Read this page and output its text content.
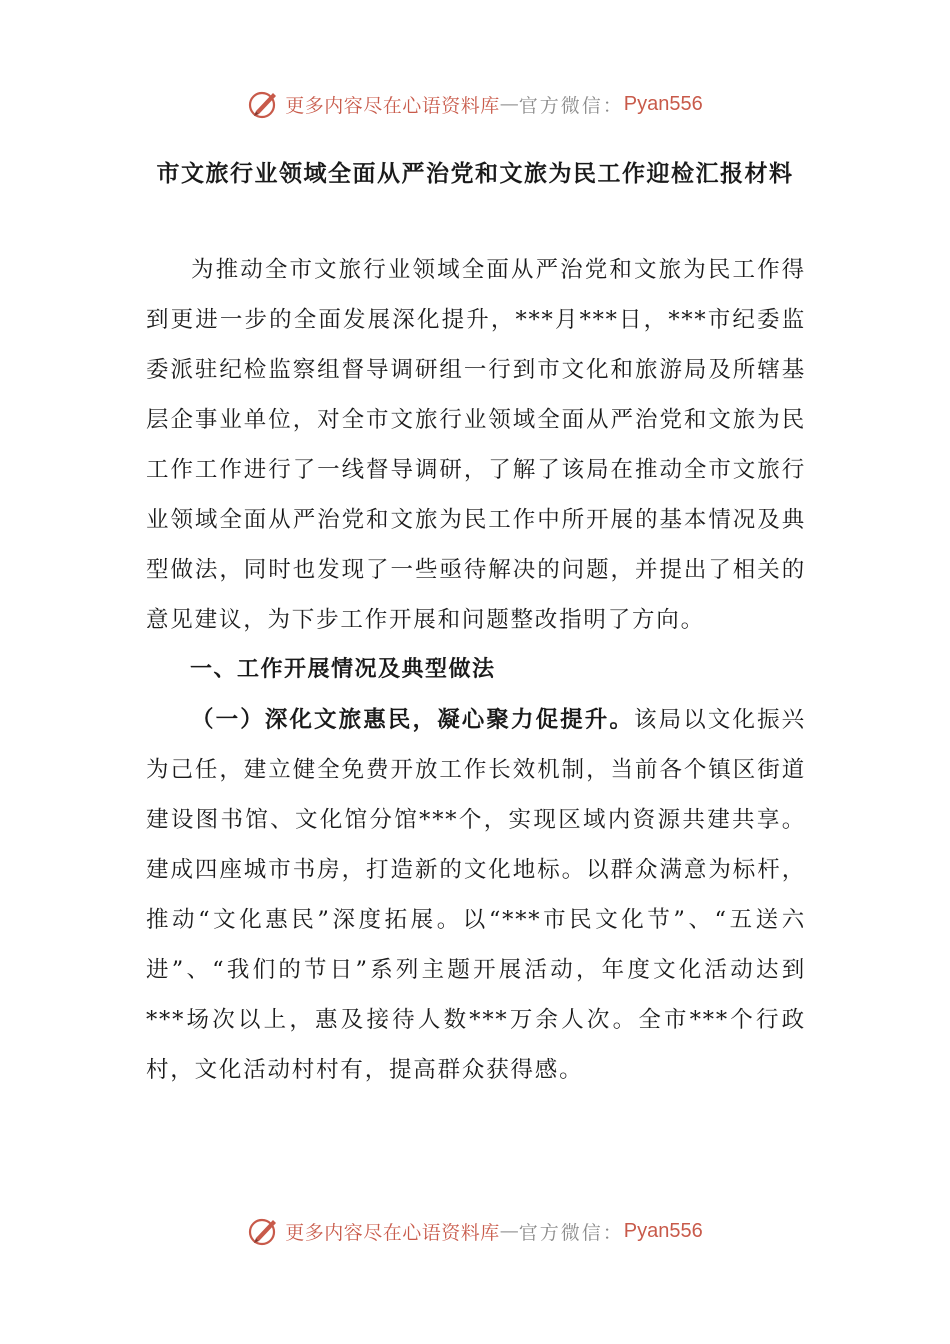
更多内容尽在心语资料库 — 官方微信： Pyan556
市文旅行业领域全面从严治党和文旅为民工作迎检汇报材料

为推动全市文旅行业领域全面从严治党和文旅为民工作得到更进一步的全面发展深化提升，***月***日，***市纪委监委派驻纪检监察组督导调研组一行到市文化和旅游局及所辖基层企事业单位，对全市文旅行业领域全面从严治党和文旅为民工作工作进行了一线督导调研，了解了该局在推动全市文旅行业领域全面从严治党和文旅为民工作中所开展的基本情况及典型做法，同时也发现了一些亟待解决的问题，并提出了相关的意见建议，为下步工作开展和问题整改指明了方向。

一、工作开展情况及典型做法

（一）深化文旅惠民，凝心聚力促提升。该局以文化振兴为己任，建立健全免费开放工作长效机制，当前各个镇区街道建设图书馆、文化馆分馆***个，实现区域内资源共建共享。建成四座城市书房，打造新的文化地标。以群众满意为标杆，推动“文化惠民”深度拓展。以“***市民文化节”、“五送六进”、“我们的节日”系列主题开展活动，年度文化活动达到***场次以上，惠及接待人数***万余人次。全市***个行政村，文化活动村村有，提高群众获得感。

更多内容尽在心语资料库 — 官方微信： Pyan556
